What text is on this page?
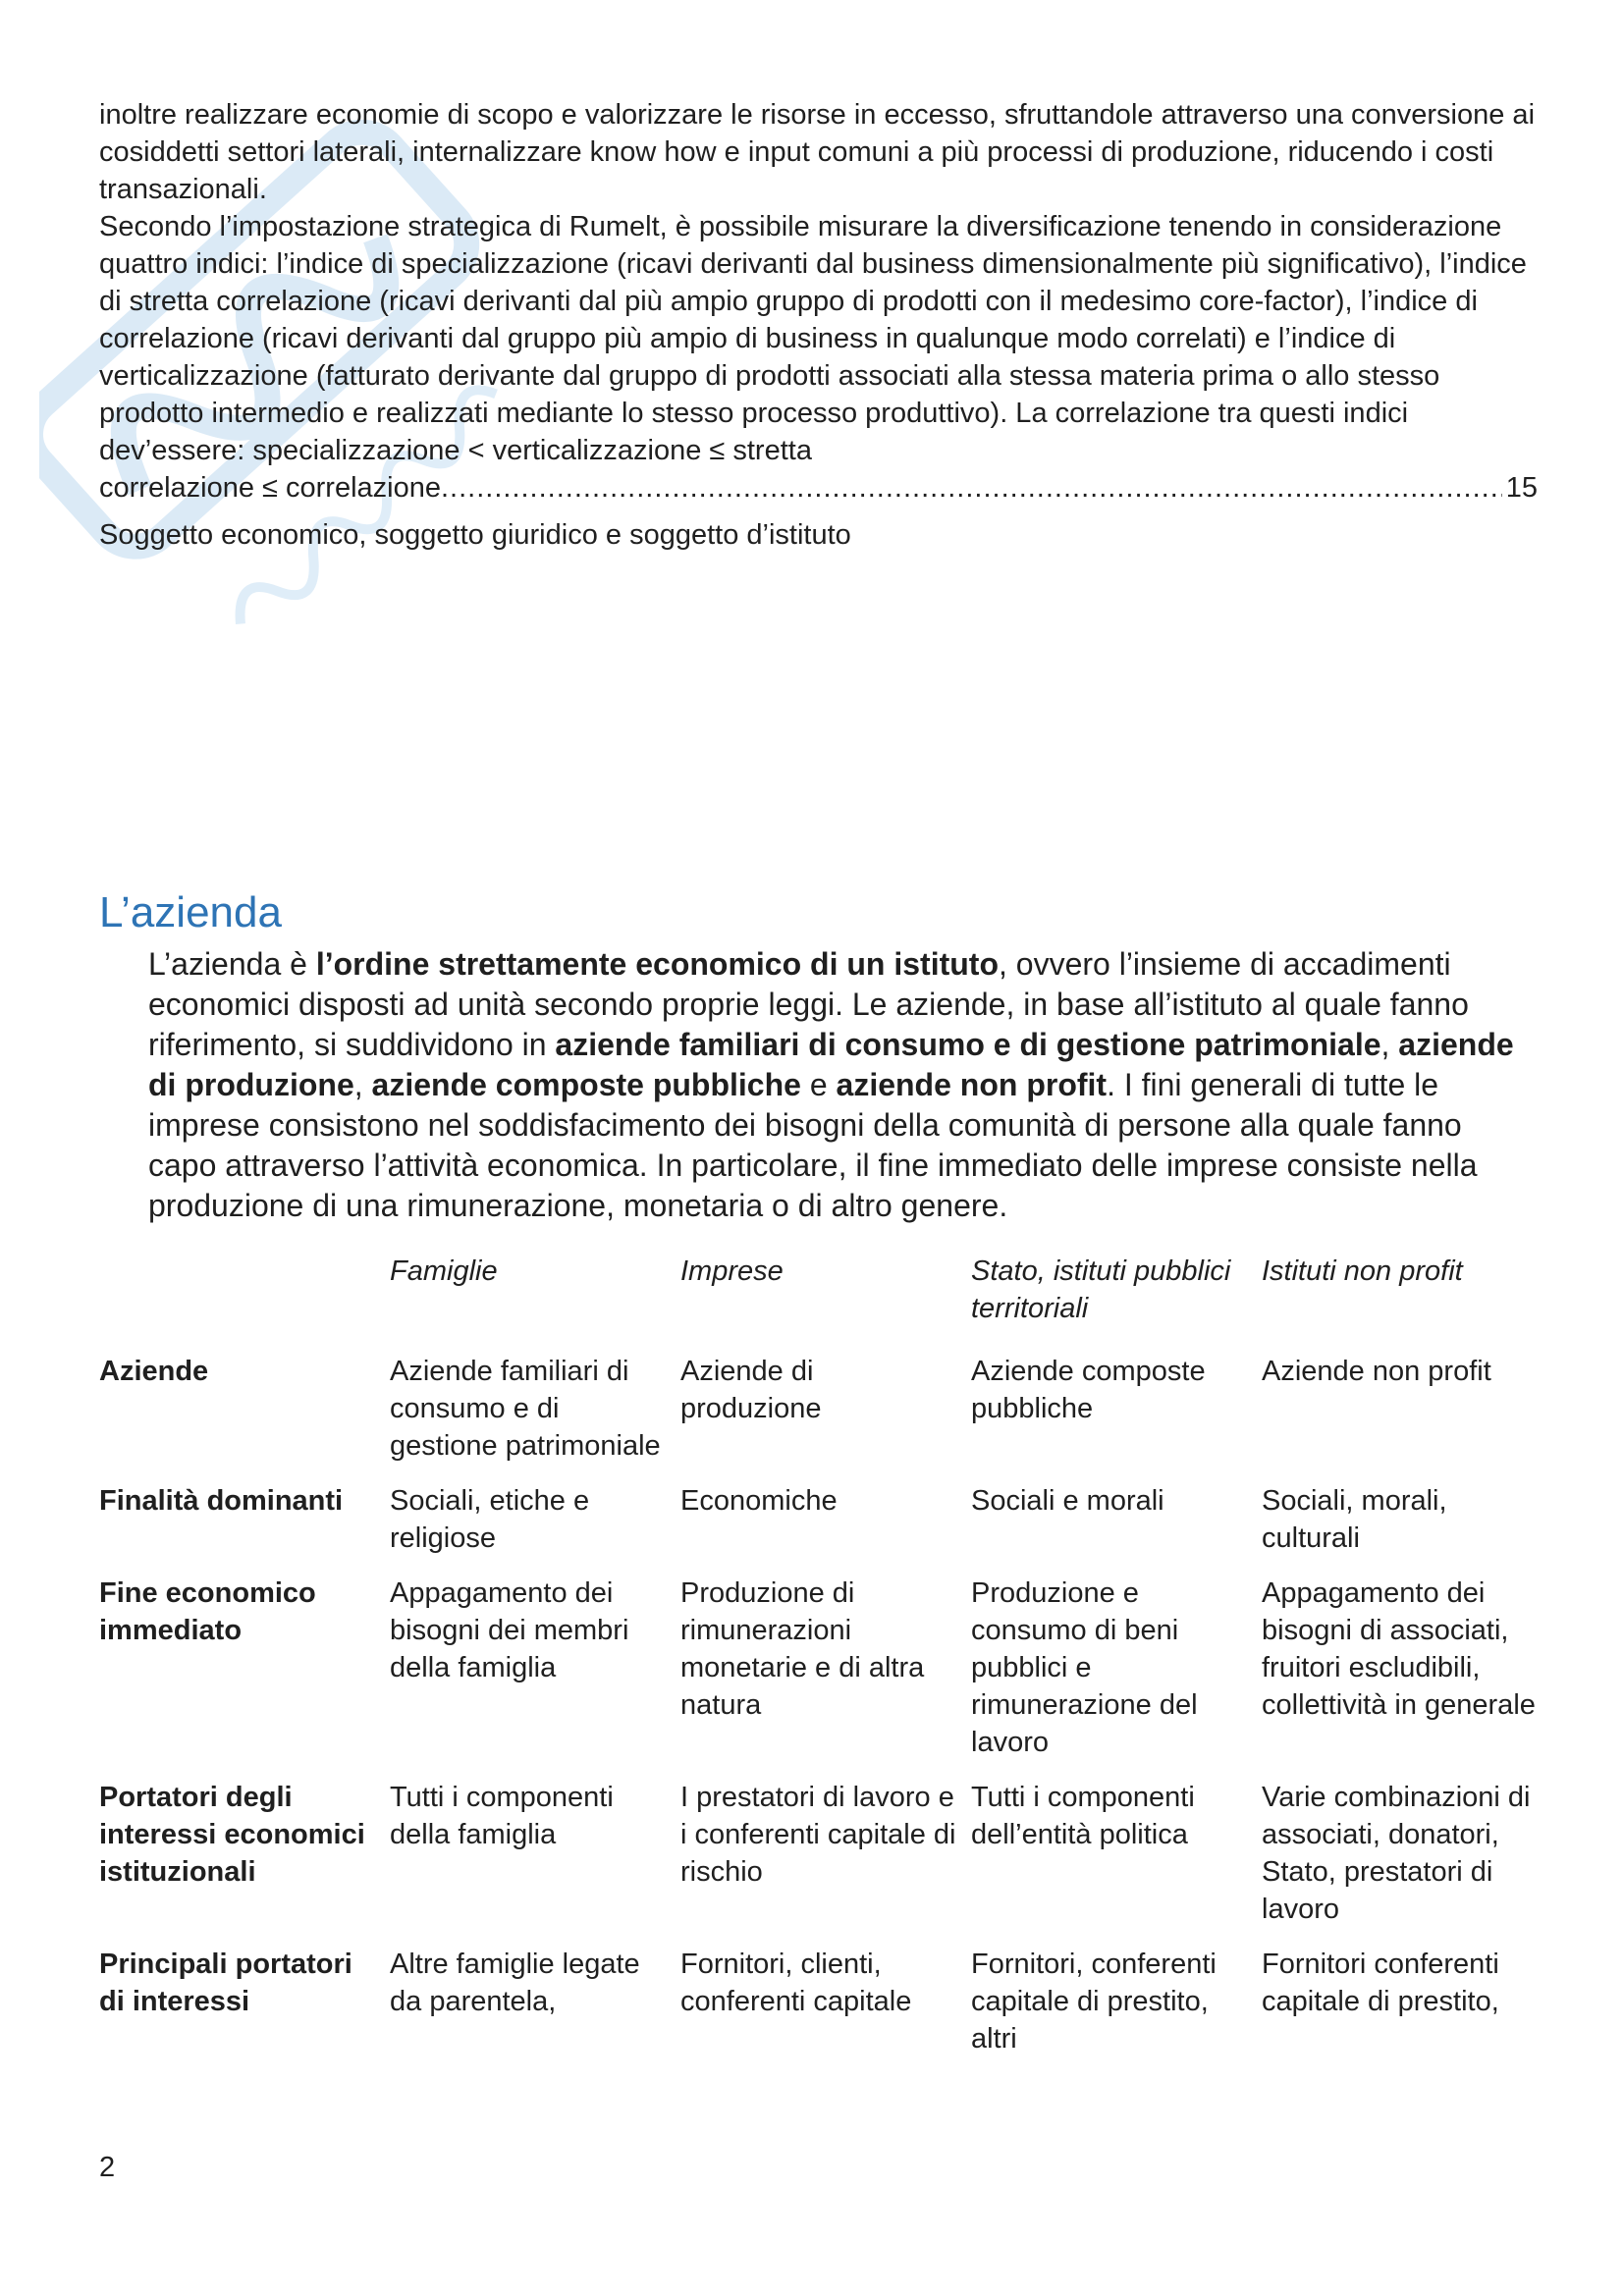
inoltre realizzare economie di scopo e valorizzare le risorse in eccesso, sfruttandole attraverso una conversione ai cosiddetti settori laterali, internalizzare know how e input comuni a più processi di produzione, riducendo i costi transazionali.

Secondo l’impostazione strategica di Rumelt, è possibile misurare la diversificazione tenendo in considerazione quattro indici: l’indice di specializzazione (ricavi derivanti dal business dimensionalmente più significativo), l’indice di stretta correlazione (ricavi derivanti dal più ampio gruppo di prodotti con il medesimo core-factor), l’indice di correlazione (ricavi derivanti dal gruppo più ampio di business in qualunque modo correlati) e l’indice di verticalizzazione (fatturato derivante dal gruppo di prodotti associati alla stessa materia prima o allo stesso prodotto intermedio e realizzati mediante lo stesso processo produttivo). La correlazione tra questi indici dev’essere: specializzazione < verticalizzazione ≤ stretta

correlazione ≤ correlazione .....	15

Soggetto economico, soggetto giuridico e soggetto d’istituto

L’azienda

L’azienda è l’ordine strettamente economico di un istituto, ovvero l’insieme di accadimenti economici disposti ad unità secondo proprie leggi. Le aziende, in base all’istituto al quale fanno riferimento, si suddividono in aziende familiari di consumo e di gestione patrimoniale, aziende di produzione, aziende composte pubbliche e aziende non profit. I fini generali di tutte le imprese consistono nel soddisfacimento dei bisogni della comunità di persone alla quale fanno capo attraverso l’attività economica. In particolare, il fine immediato delle imprese consiste nella produzione di una rimunerazione, monetaria o di altro genere.

	Famiglie	Imprese	Stato, istituti pubblici territoriali	Istituti non profit
Aziende	Aziende familiari di consumo e di gestione patrimoniale	Aziende di produzione	Aziende composte pubbliche	Aziende non profit
Finalità dominanti	Sociali, etiche e religiose	Economiche	Sociali e morali	Sociali, morali, culturali
Fine economico immediato	Appagamento dei bisogni dei membri della famiglia	Produzione di rimunerazioni monetarie e di altra natura	Produzione e consumo di beni pubblici e rimunerazione del lavoro	Appagamento dei bisogni di associati, fruitori escludibili, collettività in generale
Portatori degli interessi economici istituzionali	Tutti i componenti della famiglia	I prestatori di lavoro e i conferenti capitale di rischio	Tutti i componenti dell’entità politica	Varie combinazioni di associati, donatori, Stato, prestatori di lavoro
Principali portatori di interessi	Altre famiglie legate da parentela,	Fornitori, clienti, conferenti capitale	Fornitori, conferenti capitale di prestito, altri	Fornitori conferenti capitale di prestito,
2
